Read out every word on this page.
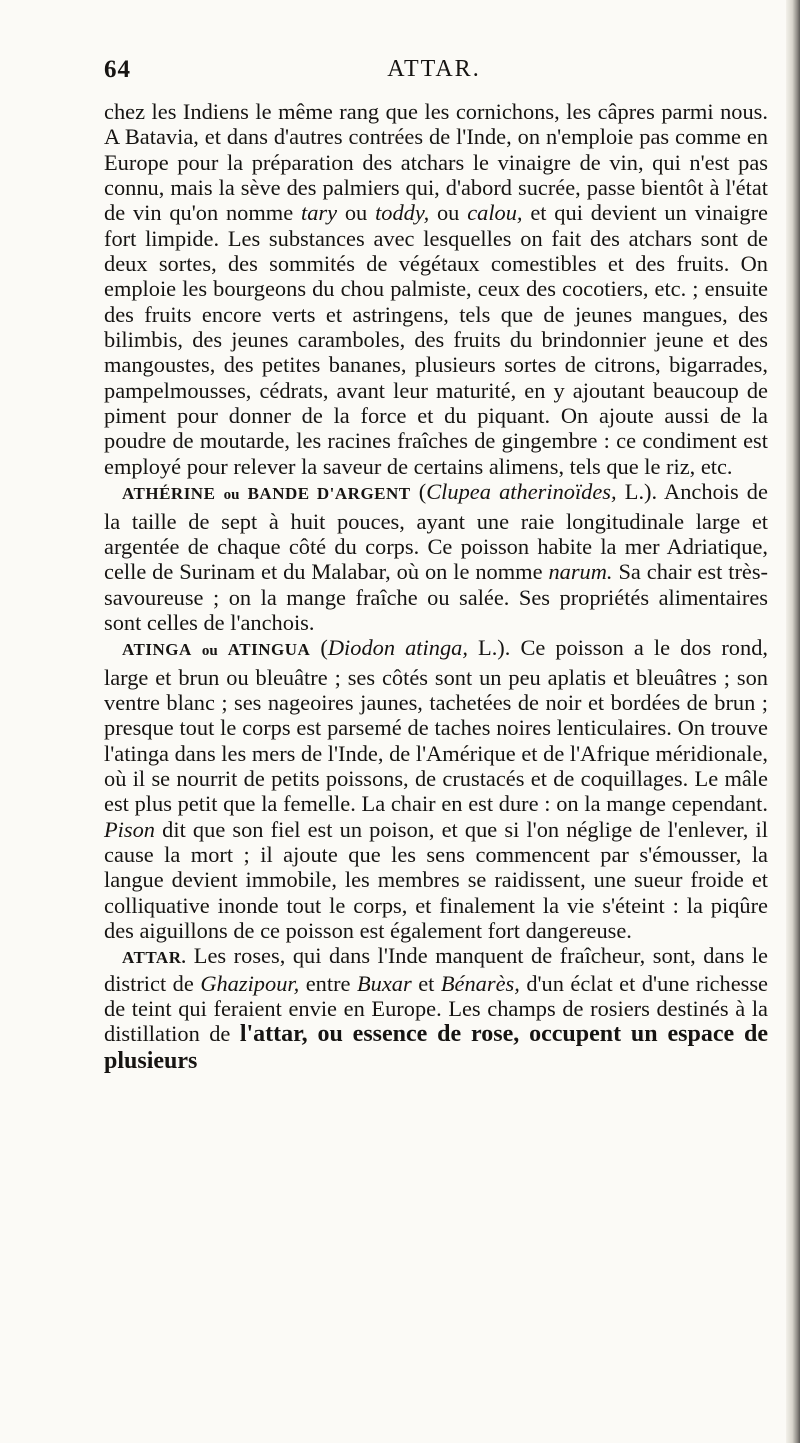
64	ATTAR.

chez les Indiens le même rang que les cornichons, les câpres parmi nous. A Batavia, et dans d'autres contrées de l'Inde, on n'emploie pas comme en Europe pour la préparation des atchars le vinaigre de vin, qui n'est pas connu, mais la sève des palmiers qui, d'abord sucrée, passe bientôt à l'état de vin qu'on nomme tary ou toddy, ou calou, et qui devient un vinaigre fort limpide. Les substances avec lesquelles on fait des atchars sont de deux sortes, des sommités de végétaux comestibles et des fruits. On emploie les bourgeons du chou palmiste, ceux des cocotiers, etc. ; ensuite des fruits encore verts et astringens, tels que de jeunes mangues, des bilimbis, des jeunes caramboles, des fruits du brindonnier jeune et des mangoustes, des petites bananes, plusieurs sortes de citrons, bigarrades, pampelmousses, cédrats, avant leur maturité, en y ajoutant beaucoup de piment pour donner de la force et du piquant. On ajoute aussi de la poudre de moutarde, les racines fraîches de gingembre : ce condiment est employé pour relever la saveur de certains alimens, tels que le riz, etc.

ATHÉRINE ou BANDE D'ARGENT (Clupea atherinoïdes, L.). Anchois de la taille de sept à huit pouces, ayant une raie longitudinale large et argentée de chaque côté du corps. Ce poisson habite la mer Adriatique, celle de Surinam et du Malabar, où on le nomme narum. Sa chair est très-savoureuse ; on la mange fraîche ou salée. Ses propriétés alimentaires sont celles de l'anchois.

ATINGA ou ATINGUA (Diodon atinga, L.). Ce poisson a le dos rond, large et brun ou bleuâtre ; ses côtés sont un peu aplatis et bleuâtres ; son ventre blanc ; ses nageoires jaunes, tachetées de noir et bordées de brun ; presque tout le corps est parsemé de taches noires lenticulaires. On trouve l'atinga dans les mers de l'Inde, de l'Amérique et de l'Afrique méridionale, où il se nourrit de petits poissons, de crustacés et de coquillages. Le mâle est plus petit que la femelle. La chair en est dure : on la mange cependant. Pison dit que son fiel est un poison, et que si l'on néglige de l'enlever, il cause la mort ; il ajoute que les sens commencent par s'émousser, la langue devient immobile, les membres se raidissent, une sueur froide et colliquative inonde tout le corps, et finalement la vie s'éteint : la piqûre des aiguillons de ce poisson est également fort dangereuse.

ATTAR. Les roses, qui dans l'Inde manquent de fraîcheur, sont, dans le district de Ghazipour, entre Buxar et Bénarès, d'un éclat et d'une richesse de teint qui feraient envie en Europe. Les champs de rosiers destinés à la distillation de l'attar, ou essence de rose, occupent un espace de plusieurs
